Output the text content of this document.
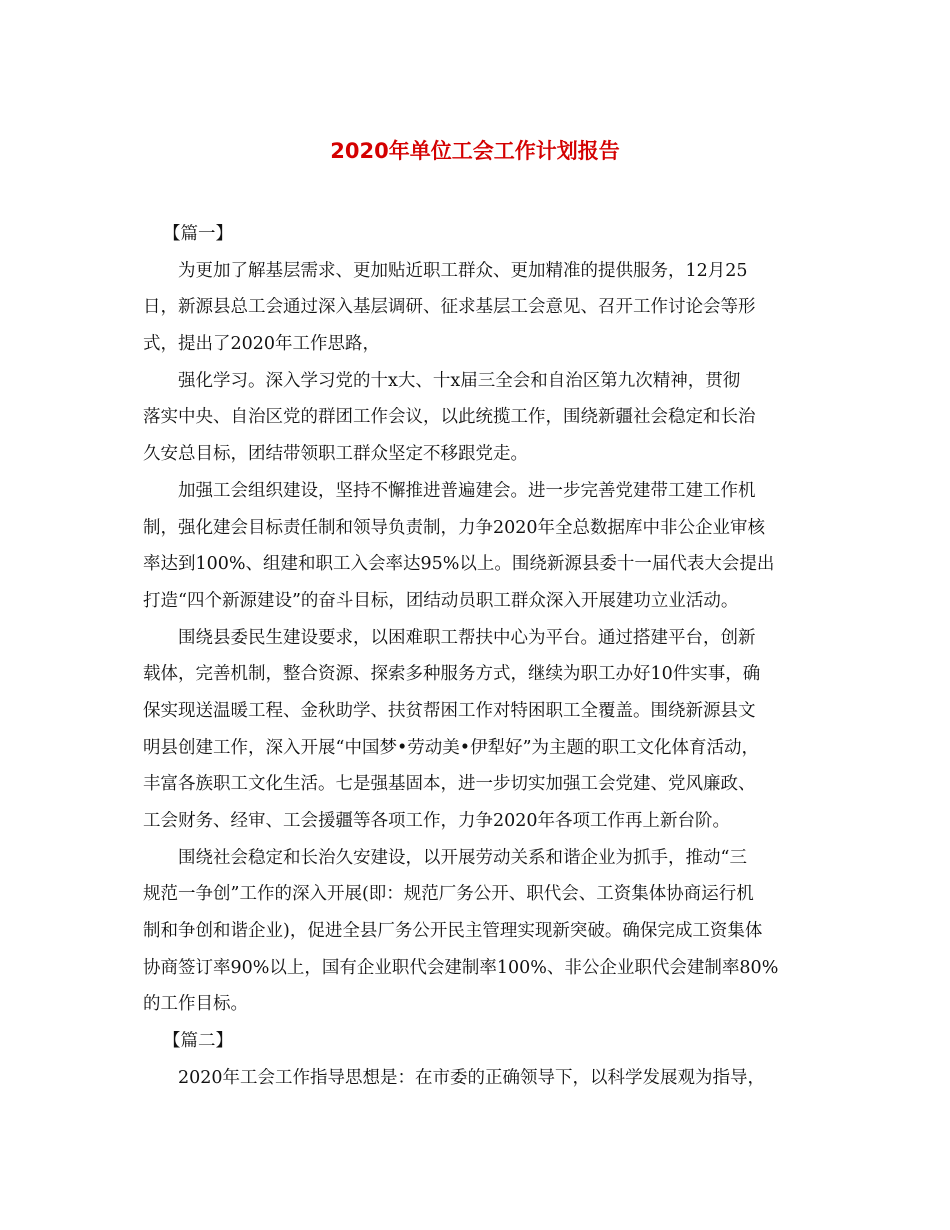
2020年单位工会工作计划报告

【篇一】

为更加了解基层需求、更加贴近职工群众、更加精准的提供服务，12月25

日，新源县总工会通过深入基层调研、征求基层工会意见、召开工作讨论会等形

式，提出了2020年工作思路，

强化学习。深入学习党的十x大、十x届三全会和自治区第九次精神，贯彻

落实中央、自治区党的群团工作会议，以此统揽工作，围绕新疆社会稳定和长治

久安总目标，团结带领职工群众坚定不移跟党走。

加强工会组织建设，坚持不懈推进普遍建会。进一步完善党建带工建工作机

制，强化建会目标责任制和领导负责制，力争2020年全总数据库中非公企业审核

率达到100%、组建和职工入会率达95%以上。围绕新源县委十一届代表大会提出

打造“四个新源建设”的奋斗目标，团结动员职工群众深入开展建功立业活动。

围绕县委民生建设要求，以困难职工帮扶中心为平台。通过搭建平台，创新

载体，完善机制，整合资源、探索多种服务方式，继续为职工办好10件实事，确

保实现送温暖工程、金秋助学、扶贫帮困工作对特困职工全覆盖。围绕新源县文

明县创建工作，深入开展“中国梦•劳动美•伊犁好”为主题的职工文化体育活动，

丰富各族职工文化生活。七是强基固本，进一步切实加强工会党建、党风廉政、

工会财务、经审、工会援疆等各项工作，力争2020年各项工作再上新台阶。

围绕社会稳定和长治久安建设，以开展劳动关系和谐企业为抓手，推动“三

规范一争创”工作的深入开展(即：规范厂务公开、职代会、工资集体协商运行机

制和争创和谐企业)，促进全县厂务公开民主管理实现新突破。确保完成工资集体

协商签订率90%以上，国有企业职代会建制率100%、非公企业职代会建制率80%

的工作目标。

【篇二】

2020年工会工作指导思想是：在市委的正确领导下，以科学发展观为指导，
